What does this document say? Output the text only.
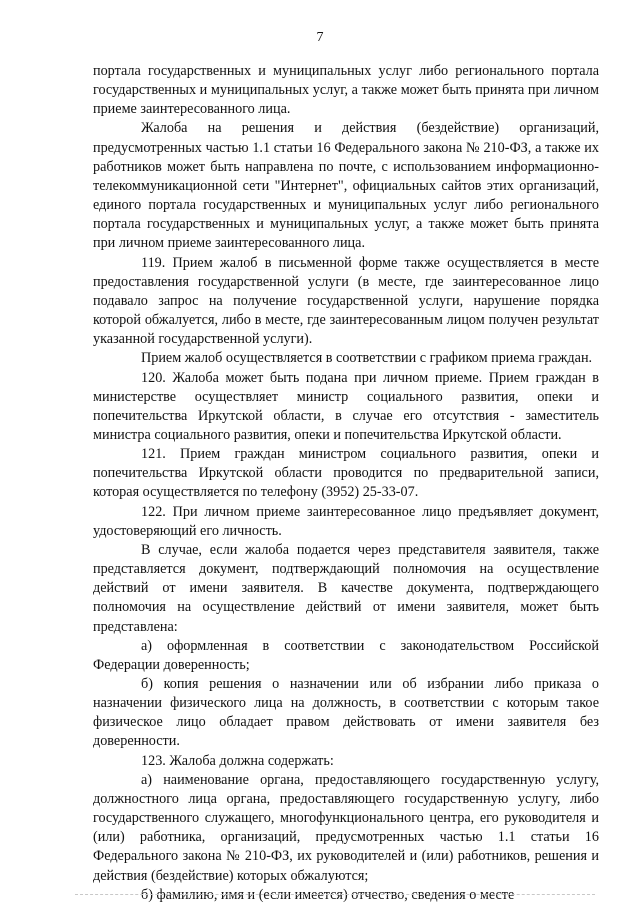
7

портала государственных и муниципальных услуг либо регионального портала государственных и муниципальных услуг, а также может быть принята при личном приеме заинтересованного лица.

Жалоба на решения и действия (бездействие) организаций, предусмотренных частью 1.1 статьи 16 Федерального закона № 210-ФЗ, а также их работников может быть направлена по почте, с использованием информационно-телекоммуникационной сети "Интернет", официальных сайтов этих организаций, единого портала государственных и муниципальных услуг либо регионального портала государственных и муниципальных услуг, а также может быть принята при личном приеме заинтересованного лица.

119. Прием жалоб в письменной форме также осуществляется в месте предоставления государственной услуги (в месте, где заинтересованное лицо подавало запрос на получение государственной услуги, нарушение порядка которой обжалуется, либо в месте, где заинтересованным лицом получен результат указанной государственной услуги).

Прием жалоб осуществляется в соответствии с графиком приема граждан.

120. Жалоба может быть подана при личном приеме. Прием граждан в министерстве осуществляет министр социального развития, опеки и попечительства Иркутской области, в случае его отсутствия - заместитель министра социального развития, опеки и попечительства Иркутской области.

121. Прием граждан министром социального развития, опеки и попечительства Иркутской области проводится по предварительной записи, которая осуществляется по телефону (3952) 25-33-07.

122. При личном приеме заинтересованное лицо предъявляет документ, удостоверяющий его личность.

В случае, если жалоба подается через представителя заявителя, также представляется документ, подтверждающий полномочия на осуществление действий от имени заявителя. В качестве документа, подтверждающего полномочия на осуществление действий от имени заявителя, может быть представлена:

а) оформленная в соответствии с законодательством Российской Федерации доверенность;

б) копия решения о назначении или об избрании либо приказа о назначении физического лица на должность, в соответствии с которым такое физическое лицо обладает правом действовать от имени заявителя без доверенности.

123. Жалоба должна содержать:

а) наименование органа, предоставляющего государственную услугу, должностного лица органа, предоставляющего государственную услугу, либо государственного служащего, многофункционального центра, его руководителя и (или) работника, организаций, предусмотренных частью 1.1 статьи 16 Федерального закона № 210-ФЗ, их руководителей и (или) работников, решения и действия (бездействие) которых обжалуются;

б) фамилию, имя и (если имеется) отчество, сведения о месте
